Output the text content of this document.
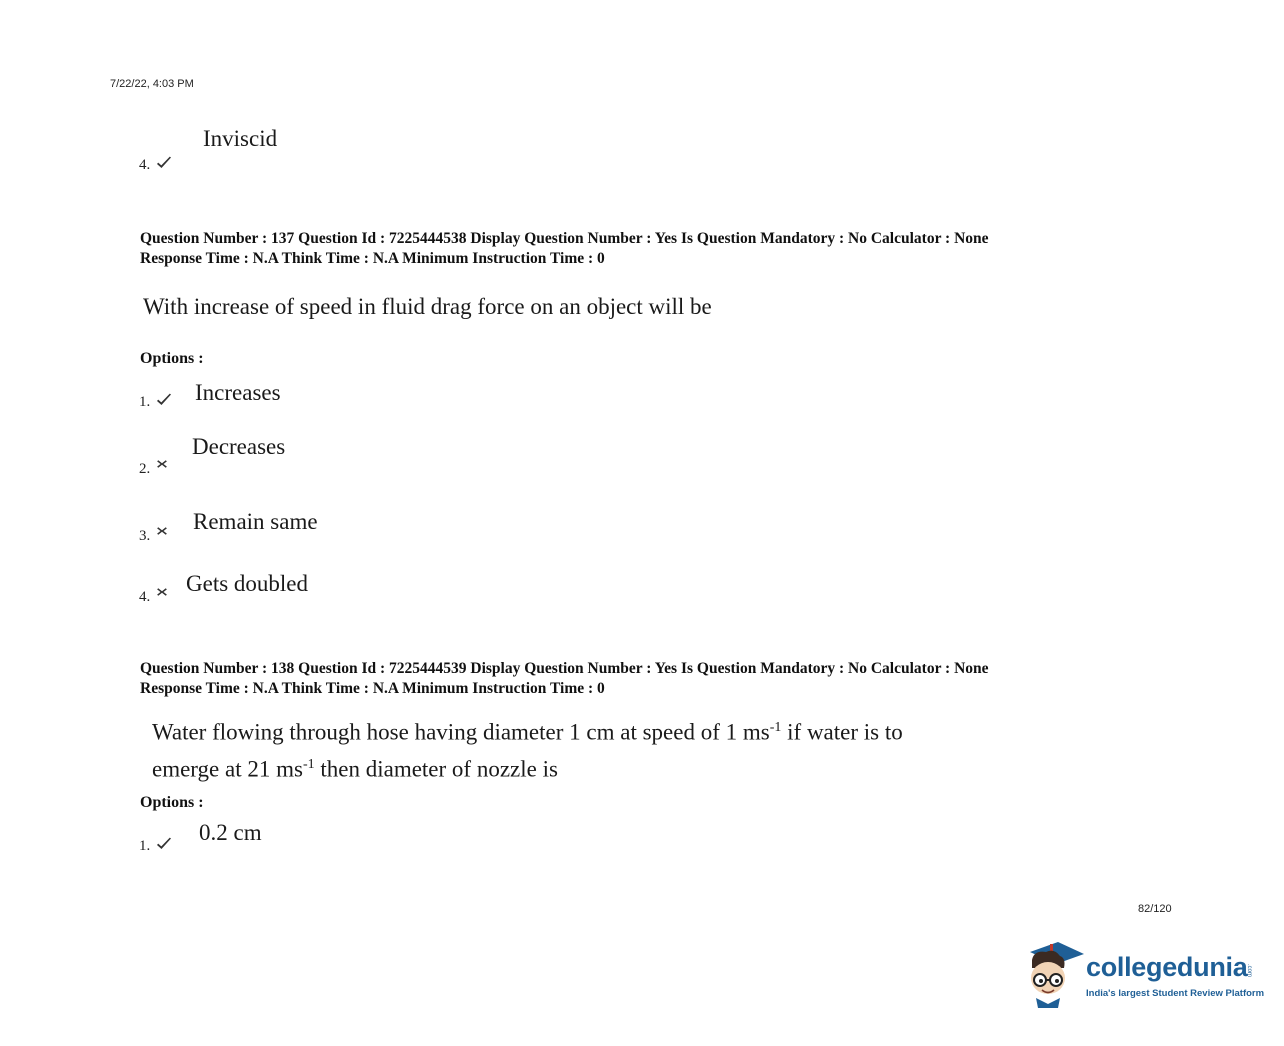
7/22/22, 4:03 PM
4.
Inviscid
Question Number : 137 Question Id : 7225444538 Display Question Number : Yes Is Question Mandatory : No Calculator : None
Response Time : N.A Think Time : N.A Minimum Instruction Time : 0
With increase of speed in fluid drag force on an object will be
Options :
1.	Increases
2.
Decreases
3.
Remain same
4.
Gets doubled
Question Number : 138 Question Id : 7225444539 Display Question Number : Yes Is Question Mandatory : No Calculator : None
Response Time : N.A Think Time : N.A Minimum Instruction Time : 0
Water flowing through hose having diameter 1 cm at speed of 1 $ms^{-1}$ if water is to
emerge at 21 $ms^{-1}$ then diameter of nozzle is
Options :
1.
0.2 cm
82/120
collegedunia
.com
India's largest Student Review Platform
